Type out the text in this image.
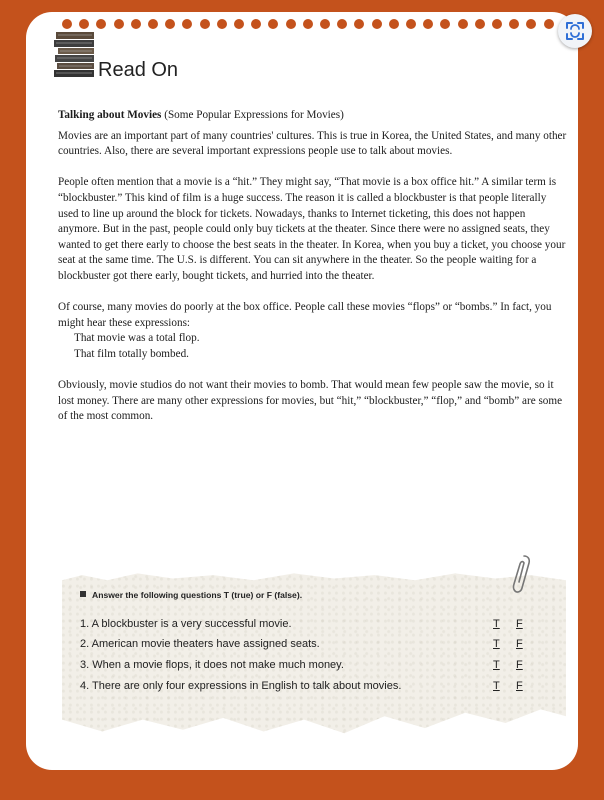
Read On

Talking about Movies (Some Popular Expressions for Movies)

Movies are an important part of many countries' cultures. This is true in Korea, the United States, and many other countries. Also, there are several important expressions people use to talk about movies.

People often mention that a movie is a “hit.” They might say, “That movie is a box office hit.” A similar term is “blockbuster.” This kind of film is a huge success. The reason it is called a blockbuster is that people literally used to line up around the block for tickets. Nowadays, thanks to Internet ticketing, this does not happen anymore. But in the past, people could only buy tickets at the theater. Since there were no assigned seats, they wanted to get there early to choose the best seats in the theater. In Korea, when you buy a ticket, you choose your seat at the same time. The U.S. is different. You can sit anywhere in the theater. So the people waiting for a blockbuster got there early, bought tickets, and hurried into the theater.

Of course, many movies do poorly at the box office. People call these movies “flops” or “bombs.” In fact, you might hear these expressions:

That movie was a total flop.
That film totally bombed.

Obviously, movie studios do not want their movies to bomb. That would mean few people saw the movie, so it lost money. There are many other expressions for movies, but “hit,” “blockbuster,” “flop,” and “bomb” are some of the most common.

Answer the following questions T (true) or F (false).
1. A blockbuster is a very successful movie.
2. American movie theaters have assigned seats.
3. When a movie flops, it does not make much money.
4. There are only four expressions in English to talk about movies.
T F
T F
T F
T F
